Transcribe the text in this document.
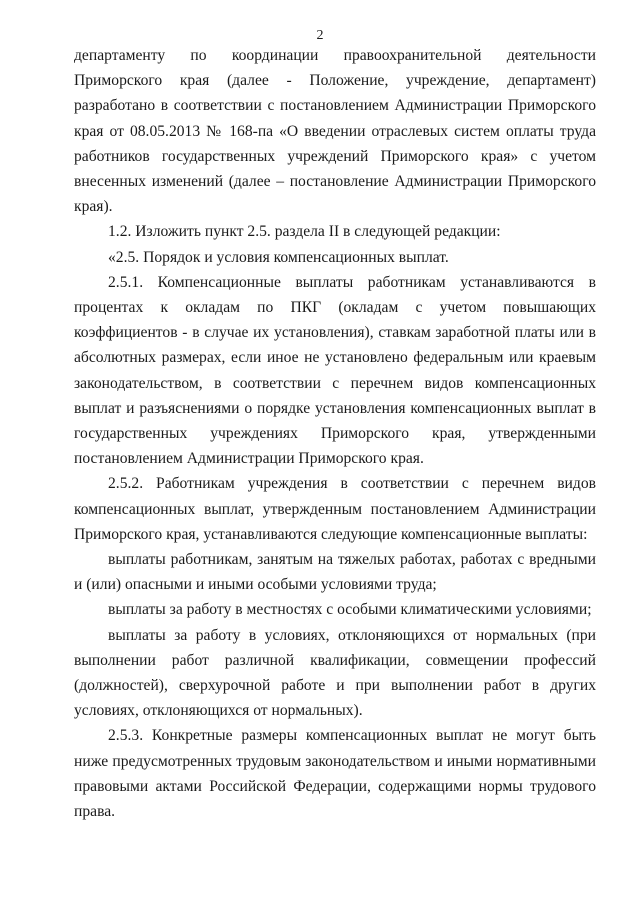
2

департаменту по координации правоохранительной деятельности Приморского края (далее - Положение, учреждение, департамент) разработано в соответствии с постановлением Администрации Приморского края от 08.05.2013 № 168-па «О введении отраслевых систем оплаты труда работников государственных учреждений Приморского края» с учетом внесенных изменений (далее – постановление Администрации Приморского края).

1.2. Изложить пункт 2.5. раздела II в следующей редакции:

«2.5. Порядок и условия компенсационных выплат.

2.5.1. Компенсационные выплаты работникам устанавливаются в процентах к окладам по ПКГ (окладам с учетом повышающих коэффициентов - в случае их установления), ставкам заработной платы или в абсолютных размерах, если иное не установлено федеральным или краевым законодательством, в соответствии с перечнем видов компенсационных выплат и разъяснениями о порядке установления компенсационных выплат в государственных учреждениях Приморского края, утвержденными постановлением Администрации Приморского края.

2.5.2. Работникам учреждения в соответствии с перечнем видов компенсационных выплат, утвержденным постановлением Администрации Приморского края, устанавливаются следующие компенсационные выплаты:

выплаты работникам, занятым на тяжелых работах, работах с вредными и (или) опасными и иными особыми условиями труда;

выплаты за работу в местностях с особыми климатическими условиями;

выплаты за работу в условиях, отклоняющихся от нормальных (при выполнении работ различной квалификации, совмещении профессий (должностей), сверхурочной работе и при выполнении работ в других условиях, отклоняющихся от нормальных).

2.5.3. Конкретные размеры компенсационных выплат не могут быть ниже предусмотренных трудовым законодательством и иными нормативными правовыми актами Российской Федерации, содержащими нормы трудового права.
